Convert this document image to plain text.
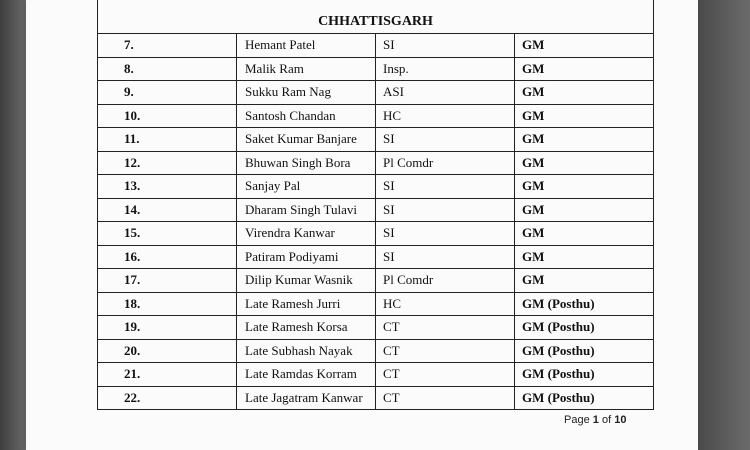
CHHATTISGARH			
7.	Hemant Patel	SI	GM
8.	Malik Ram	Insp.	GM
9.	Sukku Ram Nag	ASI	GM
10.	Santosh Chandan	HC	GM
11.	Saket Kumar Banjare	SI	GM
12.	Bhuwan Singh Bora	Pl Comdr	GM
13.	Sanjay Pal	SI	GM
14.	Dharam Singh Tulavi	SI	GM
15.	Virendra Kanwar	SI	GM
16.	Patiram Podiyami	SI	GM
17.	Dilip Kumar Wasnik	Pl Comdr	GM
18.	Late Ramesh Jurri	HC	GM (Posthu)
19.	Late Ramesh Korsa	CT	GM (Posthu)
20.	Late Subhash Nayak	CT	GM (Posthu)
21.	Late Ramdas Korram	CT	GM (Posthu)
22.	Late Jagatram Kanwar	CT	GM (Posthu)
Page 1 of 10
